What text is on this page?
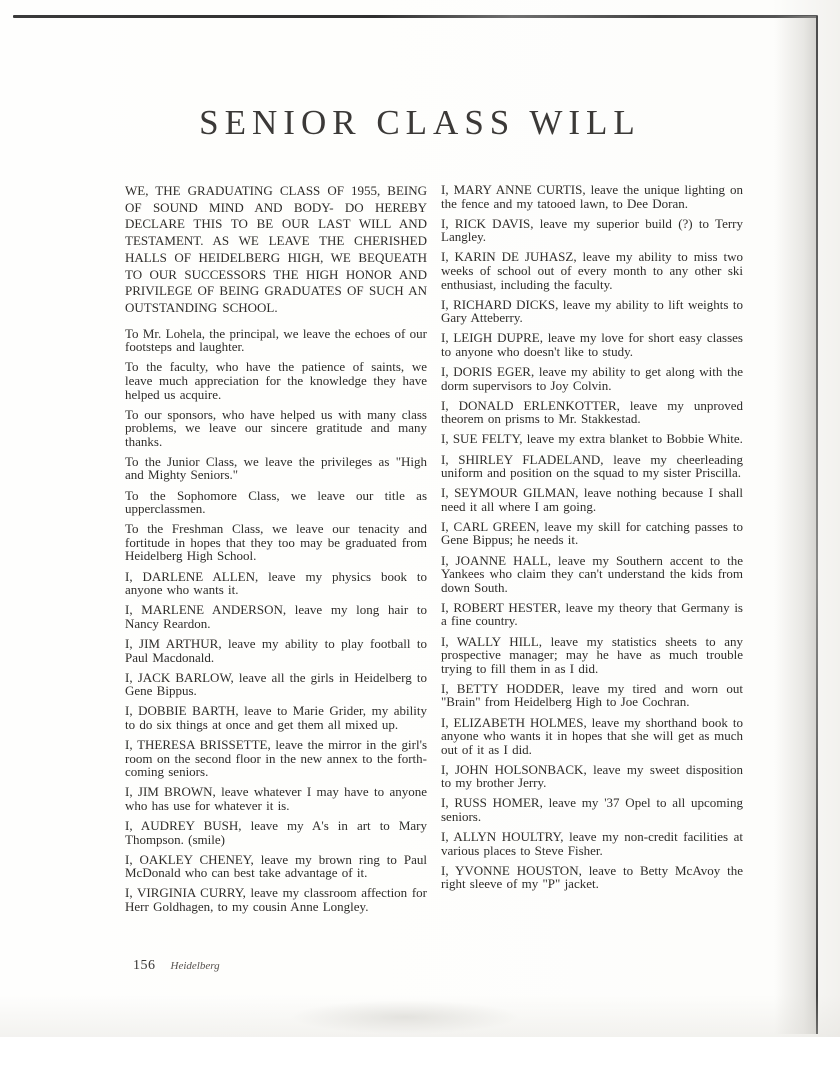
SENIOR CLASS WILL

WE, THE GRADUATING CLASS OF 1955, BEING OF SOUND MIND AND BODY- DO HEREBY DECLARE THIS TO BE OUR LAST WILL AND TESTAMENT. AS WE LEAVE THE CHERISHED HALLS OF HEIDELBERG HIGH, WE BEQUEATH TO OUR SUCCESSORS THE HIGH HONOR AND PRIVILEGE OF BEING GRADUATES OF SUCH AN OUTSTANDING SCHOOL.

To Mr. Lohela, the principal, we leave the echoes of our footsteps and laughter.

To the faculty, who have the patience of saints, we leave much appreciation for the knowledge they have helped us acquire.

To our sponsors, who have helped us with many class problems, we leave our sincere gratitude and many thanks.

To the Junior Class, we leave the privileges as "High and Mighty Seniors."

To the Sophomore Class, we leave our title as upperclassmen.

To the Freshman Class, we leave our tenacity and fortitude in hopes that they too may be graduated from Heidelberg High School.

I, DARLENE ALLEN, leave my physics book to anyone who wants it.

I, MARLENE ANDERSON, leave my long hair to Nancy Reardon.

I, JIM ARTHUR, leave my ability to play football to Paul Macdonald.

I, JACK BARLOW, leave all the girls in Heidelberg to Gene Bippus.

I, DOBBIE BARTH, leave to Marie Grider, my ability to do six things at once and get them all mixed up.

I, THERESA BRISSETTE, leave the mirror in the girl's room on the second floor in the new annex to the forth-coming seniors.

I, JIM BROWN, leave whatever I may have to anyone who has use for whatever it is.

I, AUDREY BUSH, leave my A's in art to Mary Thompson. (smile)

I, OAKLEY CHENEY, leave my brown ring to Paul McDonald who can best take advantage of it.

I, VIRGINIA CURRY, leave my classroom affection for Herr Goldhagen, to my cousin Anne Longley.

I, MARY ANNE CURTIS, leave the unique lighting on the fence and my tatooed lawn, to Dee Doran.

I, RICK DAVIS, leave my superior build (?) to Terry Langley.

I, KARIN DE JUHASZ, leave my ability to miss two weeks of school out of every month to any other ski enthusiast, including the faculty.

I, RICHARD DICKS, leave my ability to lift weights to Gary Atteberry.

I, LEIGH DUPRE, leave my love for short easy classes to anyone who doesn't like to study.

I, DORIS EGER, leave my ability to get along with the dorm supervisors to Joy Colvin.

I, DONALD ERLENKOTTER, leave my unproved theorem on prisms to Mr. Stakkestad.

I, SUE FELTY, leave my extra blanket to Bobbie White.

I, SHIRLEY FLADELAND, leave my cheerleading uniform and position on the squad to my sister Priscilla.

I, SEYMOUR GILMAN, leave nothing because I shall need it all where I am going.

I, CARL GREEN, leave my skill for catching passes to Gene Bippus; he needs it.

I, JOANNE HALL, leave my Southern accent to the Yankees who claim they can't understand the kids from down South.

I, ROBERT HESTER, leave my theory that Germany is a fine country.

I, WALLY HILL, leave my statistics sheets to any prospective manager; may he have as much trouble trying to fill them in as I did.

I, BETTY HODDER, leave my tired and worn out "Brain" from Heidelberg High to Joe Cochran.

I, ELIZABETH HOLMES, leave my shorthand book to anyone who wants it in hopes that she will get as much out of it as I did.

I, JOHN HOLSONBACK, leave my sweet disposition to my brother Jerry.

I, RUSS HOMER, leave my '37 Opel to all upcoming seniors.

I, ALLYN HOULTRY, leave my non-credit facilities at various places to Steve Fisher.

I, YVONNE HOUSTON, leave to Betty McAvoy the right sleeve of my "P" jacket.

156 Heidelberg
